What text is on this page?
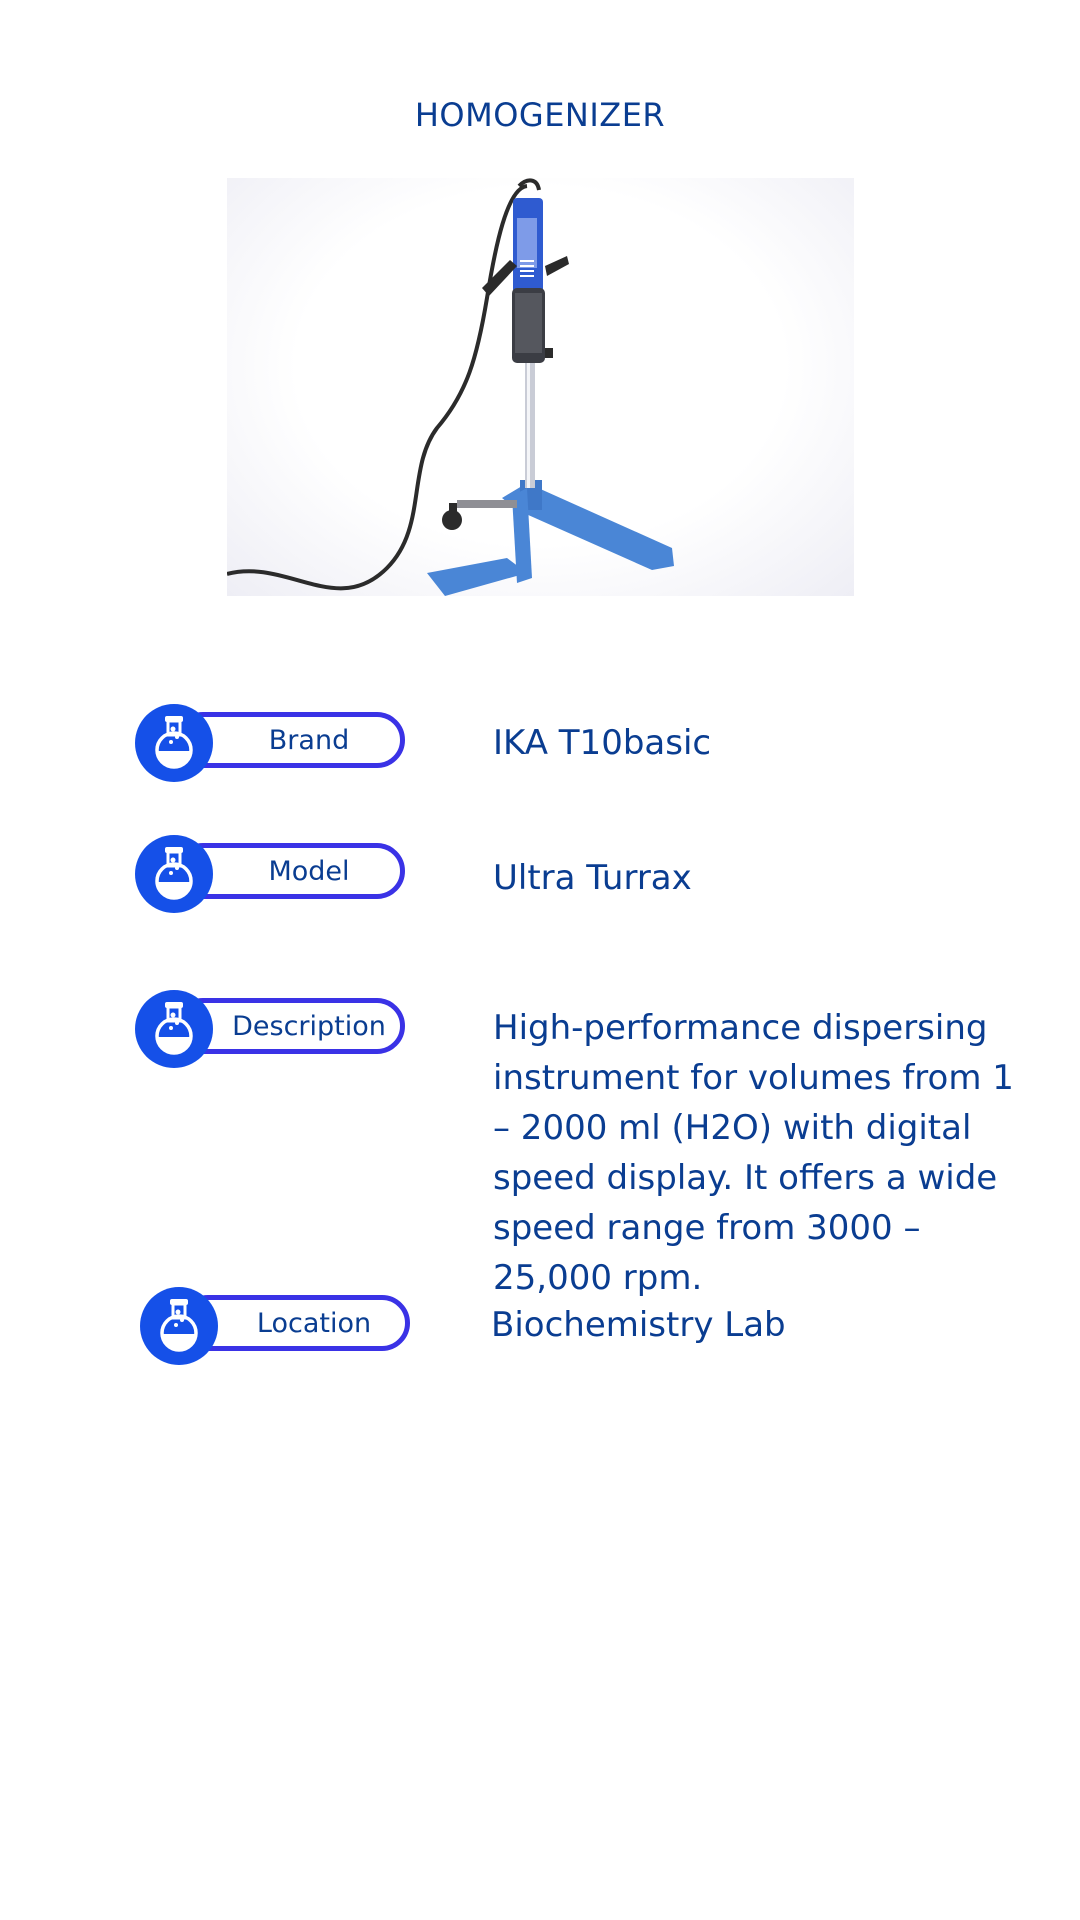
HOMOGENIZER
Brand	IKA T10basic
Model	Ultra Turrax
Description	High-performance dispersing instrument for volumes from 1 – 2000 ml (H2O) with digital speed display. It offers a wide speed range from 3000 – 25,000 rpm.
Location	Biochemistry Lab
